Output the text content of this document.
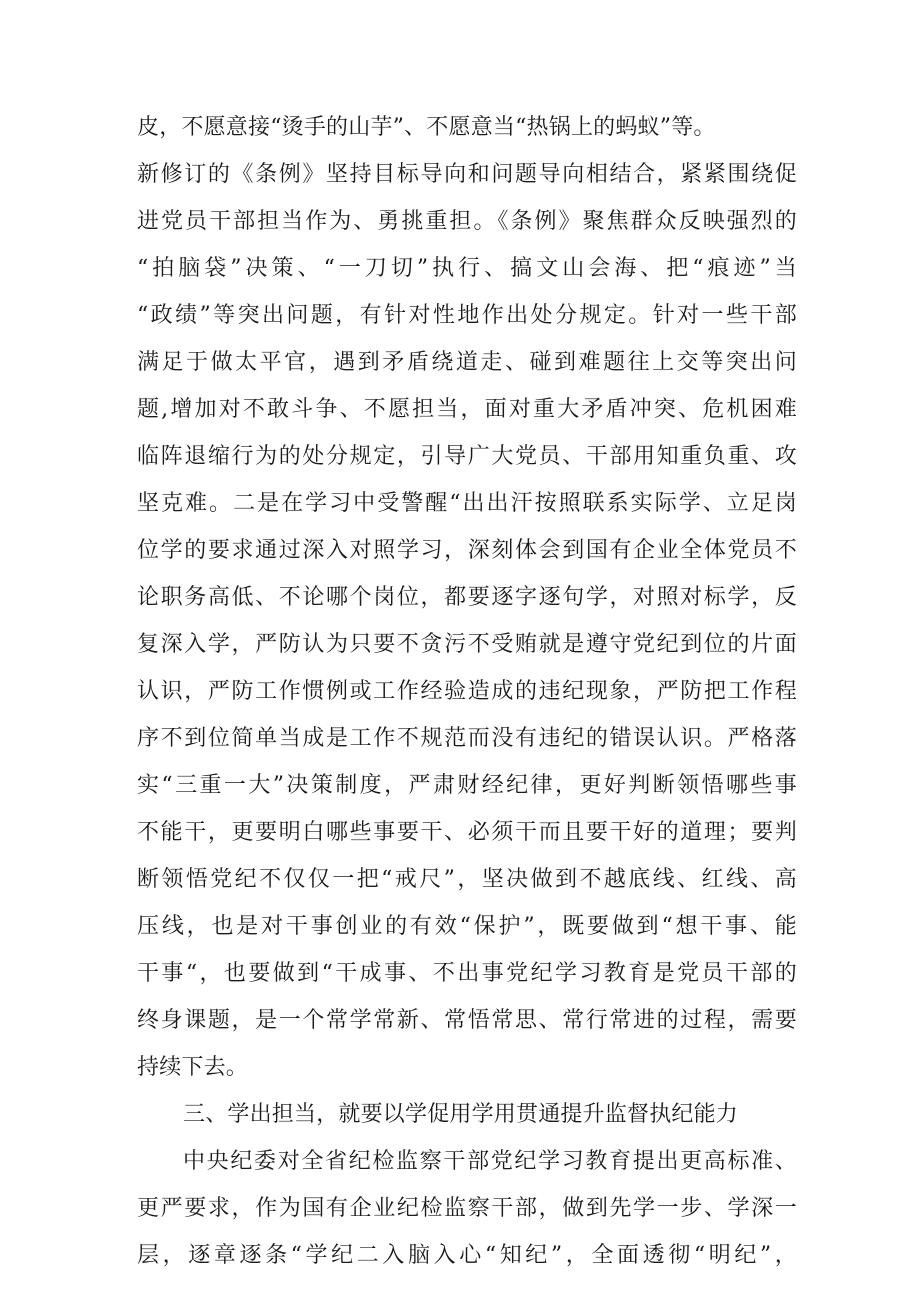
皮，不愿意接“烫手的山芋”、不愿意当“热锅上的蚂蚁”等。
新修订的《条例》坚持目标导向和问题导向相结合，紧紧围绕促
进党员干部担当作为、勇挑重担。《条例》聚焦群众反映强烈的
“拍脑袋”决策、“一刀切”执行、搞文山会海、把“痕迹”当
“政绩”等突出问题，有针对性地作出处分规定。针对一些干部
满足于做太平官，遇到矛盾绕道走、碰到难题往上交等突出问
题,增加对不敢斗争、不愿担当，面对重大矛盾冲突、危机困难
临阵退缩行为的处分规定，引导广大党员、干部用知重负重、攻
坚克难。二是在学习中受警醒“出出汗按照联系实际学、立足岗
位学的要求通过深入对照学习，深刻体会到国有企业全体党员不
论职务高低、不论哪个岗位，都要逐字逐句学，对照对标学，反
复深入学，严防认为只要不贪污不受贿就是遵守党纪到位的片面
认识，严防工作惯例或工作经验造成的违纪现象，严防把工作程
序不到位简单当成是工作不规范而没有违纪的错误认识。严格落
实“三重一大”决策制度，严肃财经纪律，更好判断领悟哪些事
不能干，更要明白哪些事要干、必须干而且要干好的道理；要判
断领悟党纪不仅仅一把“戒尺”，坚决做到不越底线、红线、高
压线，也是对干事创业的有效“保护”，既要做到“想干事、能
干事“，也要做到“干成事、不出事党纪学习教育是党员干部的
终身课题，是一个常学常新、常悟常思、常行常进的过程，需要
持续下去。
三、学出担当，就要以学促用学用贯通提升监督执纪能力
中央纪委对全省纪检监察干部党纪学习教育提出更高标准、
更严要求，作为国有企业纪检监察干部，做到先学一步、学深一
层，逐章逐条“学纪二入脑入心“知纪”，全面透彻“明纪”，
